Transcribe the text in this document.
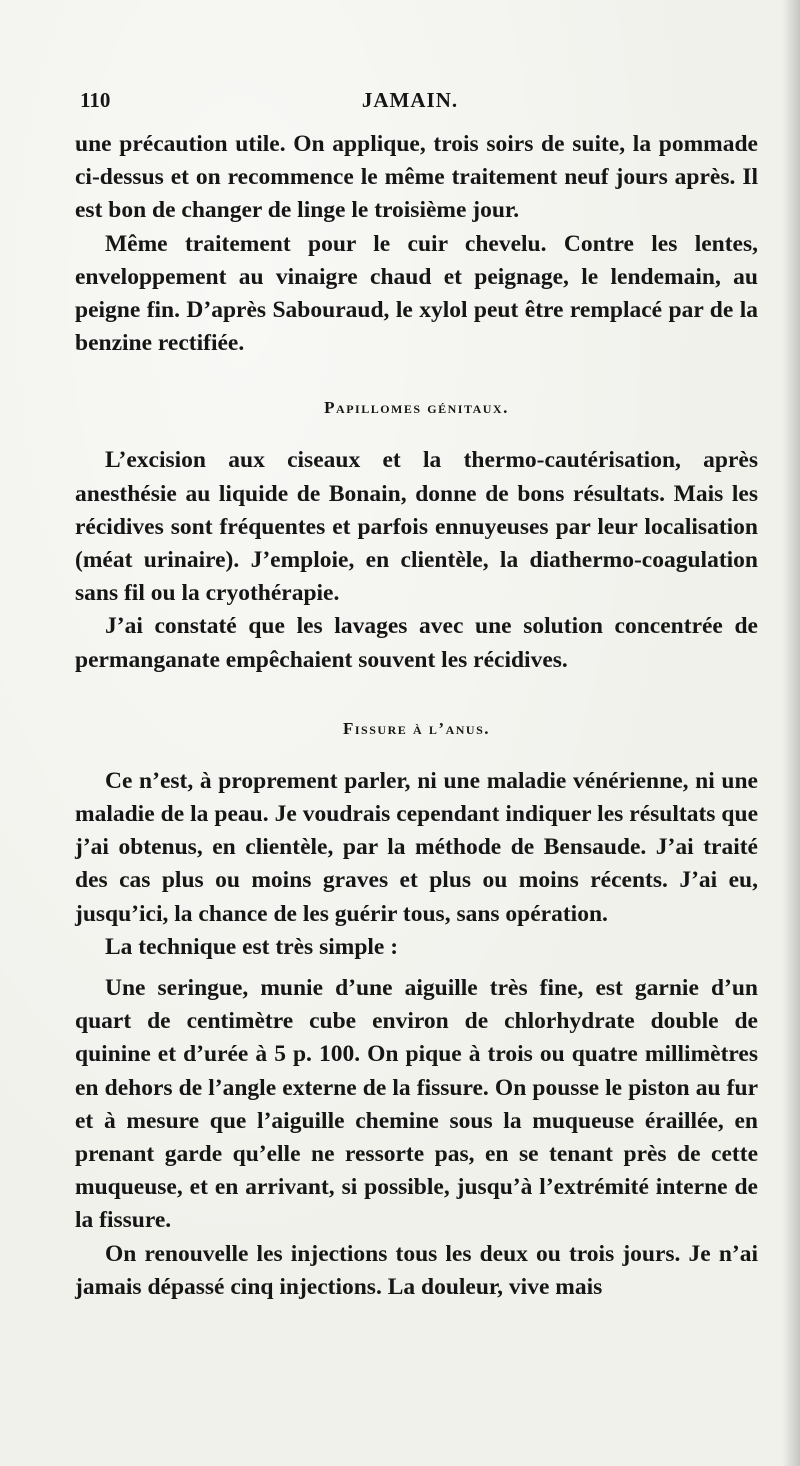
110	JAMAIN.

une précaution utile. On applique, trois soirs de suite, la pommade ci-dessus et on recommence le même traitement neuf jours après. Il est bon de changer de linge le troisième jour.

Même traitement pour le cuir chevelu. Contre les lentes, enveloppement au vinaigre chaud et peignage, le lendemain, au peigne fin. D’après Sabouraud, le xylol peut être remplacé par de la benzine rectifiée.

Papillomes génitaux.

L’excision aux ciseaux et la thermo-cautérisation, après anesthésie au liquide de Bonain, donne de bons résultats. Mais les récidives sont fréquentes et parfois ennuyeuses par leur localisation (méat urinaire). J’emploie, en clientèle, la diathermo-coagulation sans fil ou la cryothérapie.

J’ai constaté que les lavages avec une solution concentrée de permanganate empêchaient souvent les récidives.

Fissure à l’anus.

Ce n’est, à proprement parler, ni une maladie vénérienne, ni une maladie de la peau. Je voudrais cependant indiquer les résultats que j’ai obtenus, en clientèle, par la méthode de Bensaude. J’ai traité des cas plus ou moins graves et plus ou moins récents. J’ai eu, jusqu’ici, la chance de les guérir tous, sans opération.

La technique est très simple :

Une seringue, munie d’une aiguille très fine, est garnie d’un quart de centimètre cube environ de chlorhydrate double de quinine et d’urée à 5 p. 100. On pique à trois ou quatre millimètres en dehors de l’angle externe de la fissure. On pousse le piston au fur et à mesure que l’aiguille chemine sous la muqueuse éraillée, en prenant garde qu’elle ne ressorte pas, en se tenant près de cette muqueuse, et en arrivant, si possible, jusqu’à l’extrémité interne de la fissure.

On renouvelle les injections tous les deux ou trois jours. Je n’ai jamais dépassé cinq injections. La douleur, vive mais
